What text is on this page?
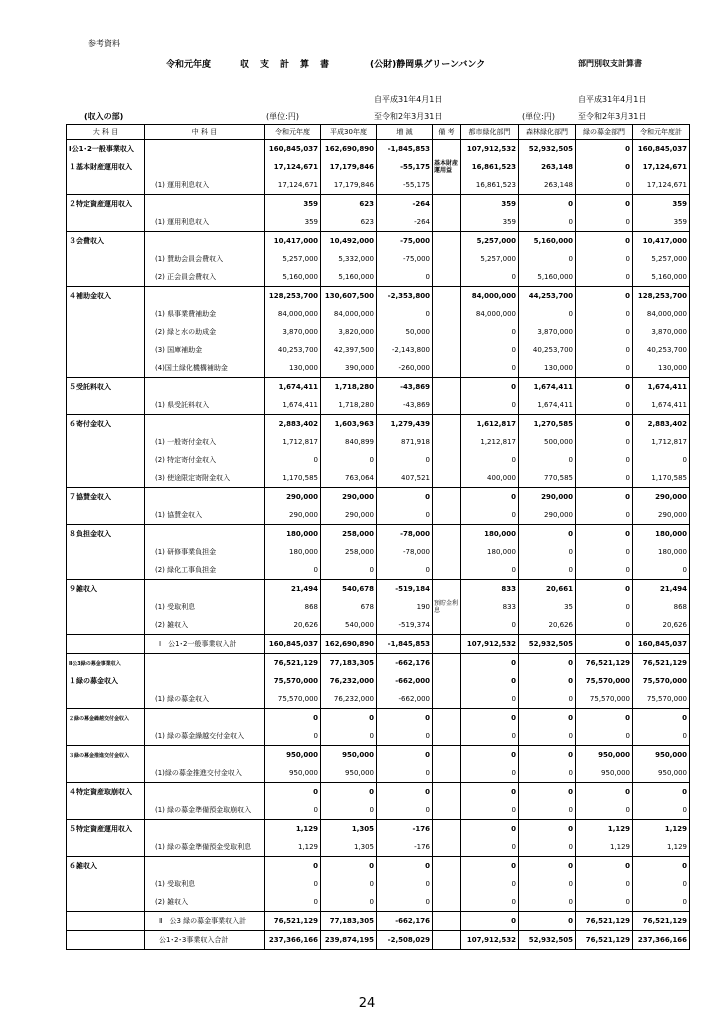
参考資料
令和元年度	収　支　計　算　書	(公財)静岡県グリーンバンク	部門別収支計算書
自平成31年4月1日	自平成31年4月1日
(収入の部)	(単位:円)	至令和2年3月31日	(単位:円)	至令和2年3月31日
大 科 目	中 科 目	令和元年度	平成30年度	増 減	備 考	都市緑化部門	森林緑化部門	緑の募金部門	令和元年度計
Ⅰ公1･2一般事業収入		160,845,037	162,690,890	-1,845,853		107,912,532	52,932,505	0	160,845,037
１基本財産運用収入		17,124,671	17,179,846	-55,175	基本財産運用益	16,861,523	263,148	0	17,124,671
	(1) 運用利息収入	17,124,671	17,179,846	-55,175		16,861,523	263,148	0	17,124,671
２特定資産運用収入		359	623	-264		359	0	0	359
	(1) 運用利息収入	359	623	-264		359	0	0	359
３会費収入		10,417,000	10,492,000	-75,000		5,257,000	5,160,000	0	10,417,000
	(1) 賛助会員会費収入	5,257,000	5,332,000	-75,000		5,257,000	0	0	5,257,000
	(2) 正会員会費収入	5,160,000	5,160,000	0		0	5,160,000	0	5,160,000
４補助金収入		128,253,700	130,607,500	-2,353,800		84,000,000	44,253,700	0	128,253,700
	(1) 県事業費補助金	84,000,000	84,000,000	0		84,000,000	0	0	84,000,000
	(2) 緑と水の助成金	3,870,000	3,820,000	50,000		0	3,870,000	0	3,870,000
	(3) 国庫補助金	40,253,700	42,397,500	-2,143,800		0	40,253,700	0	40,253,700
	(4)国土緑化機構補助金	130,000	390,000	-260,000		0	130,000	0	130,000
５受託料収入		1,674,411	1,718,280	-43,869		0	1,674,411	0	1,674,411
	(1) 県受託料収入	1,674,411	1,718,280	-43,869		0	1,674,411	0	1,674,411
６寄付金収入		2,883,402	1,603,963	1,279,439		1,612,817	1,270,585	0	2,883,402
	(1) 一般寄付金収入	1,712,817	840,899	871,918		1,212,817	500,000	0	1,712,817
	(2) 特定寄付金収入	0	0	0		0	0	0	0
	(3) 使途限定寄附金収入	1,170,585	763,064	407,521		400,000	770,585	0	1,170,585
７協賛金収入		290,000	290,000	0		0	290,000	0	290,000
	(1) 協賛金収入	290,000	290,000	0		0	290,000	0	290,000
８負担金収入		180,000	258,000	-78,000		180,000	0	0	180,000
	(1) 研修事業負担金	180,000	258,000	-78,000		180,000	0	0	180,000
	(2) 緑化工事負担金	0	0	0		0	0	0	0
９雑収入		21,494	540,678	-519,184		833	20,661	0	21,494
	(1) 受取利息	868	678	190	預貯金利息	833	35	0	868
	(2) 雑収入	20,626	540,000	-519,374		0	20,626	0	20,626
	Ⅰ　公1･2一般事業収入計	160,845,037	162,690,890	-1,845,853		107,912,532	52,932,505	0	160,845,037
Ⅱ公3緑の募金事業収入		76,521,129	77,183,305	-662,176		0	0	76,521,129	76,521,129
１緑の募金収入		75,570,000	76,232,000	-662,000		0	0	75,570,000	75,570,000
	(1) 緑の募金収入	75,570,000	76,232,000	-662,000		0	0	75,570,000	75,570,000
２緑の募金繰越交付金収入		0	0	0		0	0	0	0
	(1) 緑の募金繰越交付金収入	0	0	0		0	0	0	0
３緑の募金推進交付金収入		950,000	950,000	0		0	0	950,000	950,000
	(1)緑の募金推進交付金収入	950,000	950,000	0		0	0	950,000	950,000
４特定資産取崩収入		0	0	0		0	0	0	0
	(1) 緑の募金準備預金取崩収入	0	0	0		0	0	0	0
５特定資産運用収入		1,129	1,305	-176		0	0	1,129	1,129
	(1) 緑の募金準備預金受取利息	1,129	1,305	-176		0	0	1,129	1,129
６雑収入		0	0	0		0	0	0	0
	(1) 受取利息	0	0	0		0	0	0	0
	(2) 雑収入	0	0	0		0	0	0	0
	Ⅱ　公3 緑の募金事業収入計	76,521,129	77,183,305	-662,176		0	0	76,521,129	76,521,129
	公1･2･3事業収入合計	237,366,166	239,874,195	-2,508,029		107,912,532	52,932,505	76,521,129	237,366,166
24
